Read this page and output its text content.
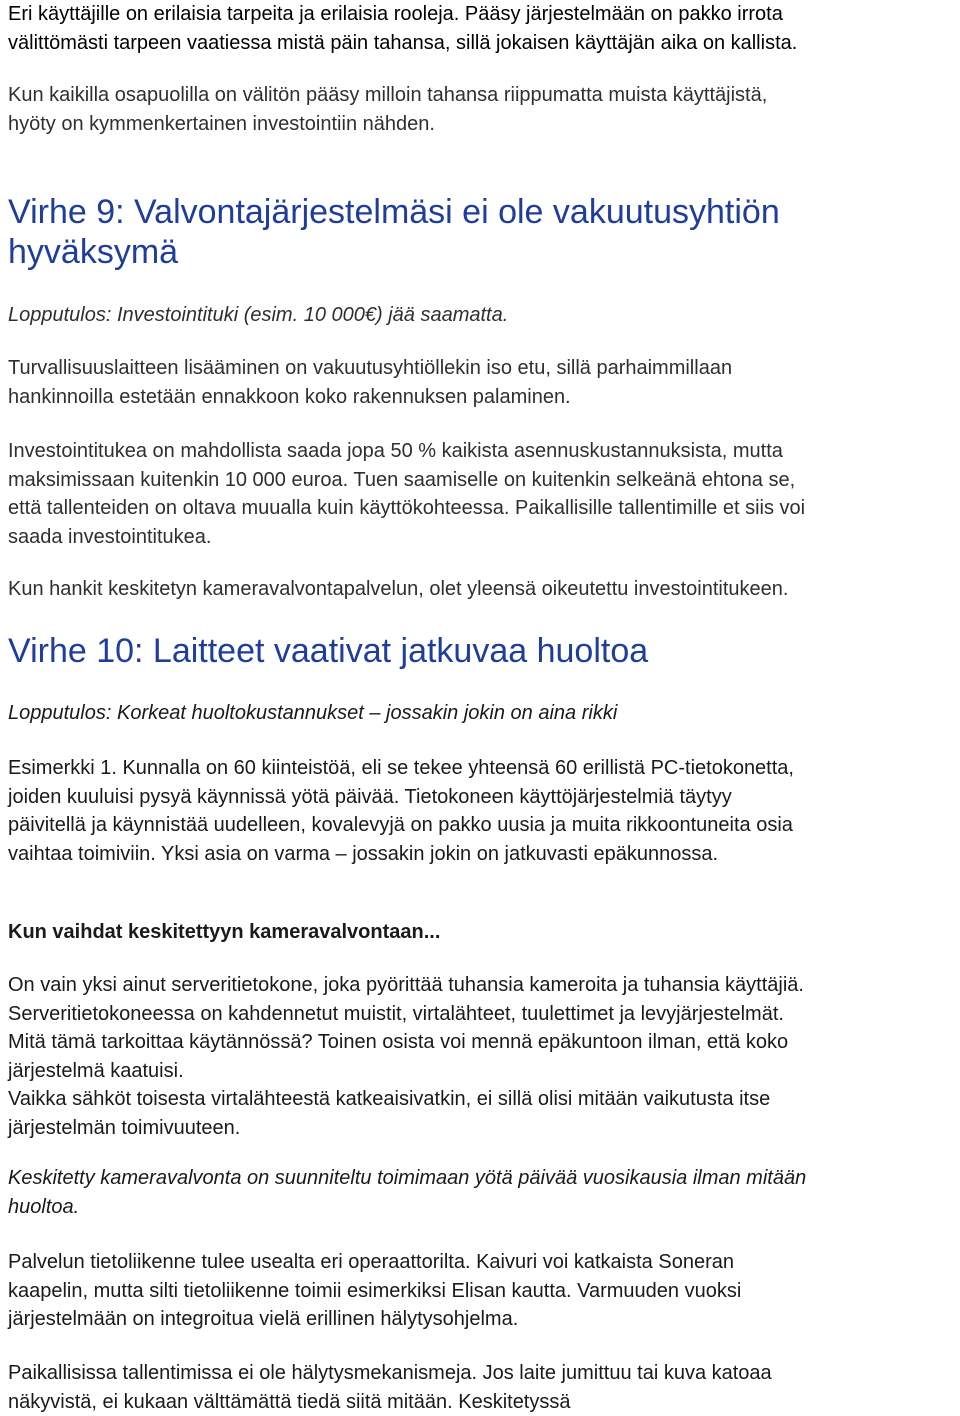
Eri käyttäjille on erilaisia tarpeita ja erilaisia rooleja. Pääsy järjestelmään on pakko irrota
välittömästi tarpeen vaatiessa mistä päin tahansa, sillä jokaisen käyttäjän aika on kallista.

Kun kaikilla osapuolilla on välitön pääsy milloin tahansa riippumatta muista käyttäjistä,
hyöty on kymmenkertainen investointiin nähden.

Virhe 9: Valvontajärjestelmäsi ei ole vakuutusyhtiön
hyväksymä

Lopputulos: Investointituki (esim. 10 000€) jää saamatta.

Turvallisuuslaitteen lisääminen on vakuutusyhtiöllekin iso etu, sillä parhaimmillaan
hankinnoilla estetään ennakkoon koko rakennuksen palaminen.

Investointitukea on mahdollista saada jopa 50 % kaikista asennuskustannuksista, mutta
maksimissaan kuitenkin 10 000 euroa. Tuen saamiselle on kuitenkin selkeänä ehtona se,
että tallenteiden on oltava muualla kuin käyttökohteessa. Paikallisille tallentimille et siis voi
saada investointitukea.

Kun hankit keskitetyn kameravalvontapalvelun, olet yleensä oikeutettu investointitukeen.

Virhe 10: Laitteet vaativat jatkuvaa huoltoa

Lopputulos: Korkeat huoltokustannukset – jossakin jokin on aina rikki

Esimerkki 1. Kunnalla on 60 kiinteistöä, eli se tekee yhteensä 60 erillistä PC-tietokonetta,
joiden kuuluisi pysyä käynnissä yötä päivää. Tietokoneen käyttöjärjestelmiä täytyy
päivitellä ja käynnistää uudelleen, kovalevyjä on pakko uusia ja muita rikkoontuneita osia
vaihtaa toimiviin. Yksi asia on varma – jossakin jokin on jatkuvasti epäkunnossa.

Kun vaihdat keskitettyyn kameravalvontaan...

On vain yksi ainut serveritietokone, joka pyörittää tuhansia kameroita ja tuhansia käyttäjiä.
Serveritietokoneessa on kahdennetut muistit, virtalähteet, tuulettimet ja levyjärjestelmät.
Mitä tämä tarkoittaa käytännössä? Toinen osista voi mennä epäkuntoon ilman, että koko
järjestelmä kaatuisi.
Vaikka sähköt toisesta virtalähteestä katkeaisivatkin, ei sillä olisi mitään vaikutusta itse
järjestelmän toimivuuteen.

Keskitetty kameravalvonta on suunniteltu toimimaan yötä päivää vuosikausia ilman mitään
huoltoa.

Palvelun tietoliikenne tulee usealta eri operaattorilta. Kaivuri voi katkaista Soneran
kaapelin, mutta silti tietoliikenne toimii esimerkiksi Elisan kautta. Varmuuden vuoksi
järjestelmään on integroitua vielä erillinen hälytysohjelma.

Paikallisissa tallentimissa ei ole hälytysmekanismeja. Jos laite jumittuu tai kuva katoaa
näkyvistä, ei kukaan välttämättä tiedä siitä mitään. Keskitetyssä
